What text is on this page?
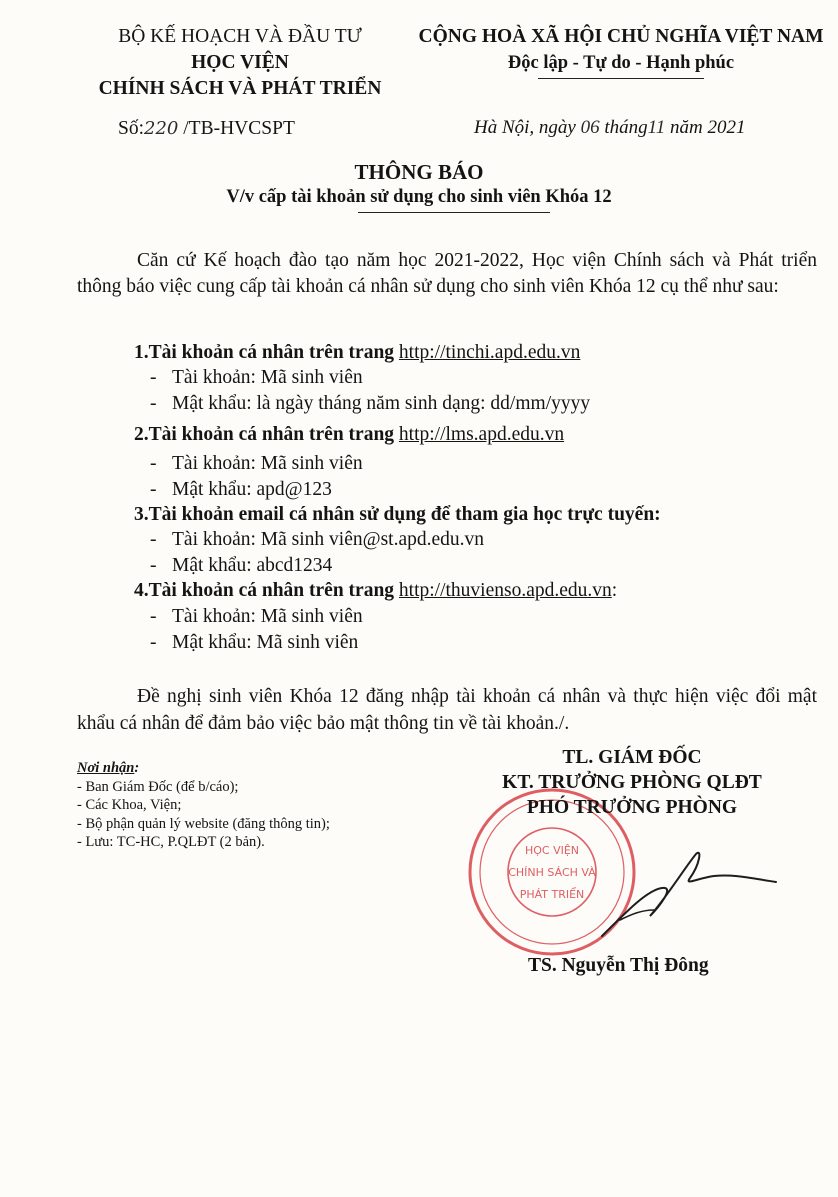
BỘ KẾ HOẠCH VÀ ĐẦU TƯ
HỌC VIỆN
CHÍNH SÁCH VÀ PHÁT TRIỂN
CỘNG HOÀ XÃ HỘI CHỦ NGHĨA VIỆT NAM
Độc lập - Tự do - Hạnh phúc
Số:220 /TB-HVCSPT	Hà Nội, ngày 06 tháng11 năm 2021
THÔNG BÁO
V/v cấp tài khoản sử dụng cho sinh viên Khóa 12
Căn cứ Kế hoạch đào tạo năm học 2021-2022, Học viện Chính sách và Phát triển thông báo việc cung cấp tài khoản cá nhân sử dụng cho sinh viên Khóa 12 cụ thể như sau:
1.Tài khoản cá nhân trên trang http://tinchi.apd.edu.vn
- Tài khoản: Mã sinh viên
- Mật khẩu: là ngày tháng năm sinh dạng: dd/mm/yyyy
2.Tài khoản cá nhân trên trang http://lms.apd.edu.vn
- Tài khoản: Mã sinh viên
- Mật khẩu: apd@123
3.Tài khoản email cá nhân sử dụng để tham gia học trực tuyến:
- Tài khoản: Mã sinh viên@st.apd.edu.vn
- Mật khẩu: abcd1234
4.Tài khoản cá nhân trên trang http://thuvienso.apd.edu.vn:
- Tài khoản: Mã sinh viên
- Mật khẩu: Mã sinh viên
Đề nghị sinh viên Khóa 12 đăng nhập tài khoản cá nhân và thực hiện việc đổi mật khẩu cá nhân để đảm bảo việc bảo mật thông tin về tài khoản./.
Nơi nhận:
- Ban Giám Đốc (để b/cáo);
- Các Khoa, Viện;
- Bộ phận quản lý website (đăng thông tin);
- Lưu: TC-HC, P.QLĐT (2 bản).
HỌC VIỆN
CHÍNH SÁCH VÀ
PHÁT TRIỂN
TL. GIÁM ĐỐC
KT. TRƯỞNG PHÒNG QLĐT
PHÓ TRƯỞNG PHÒNG
TS. Nguyễn Thị Đông
